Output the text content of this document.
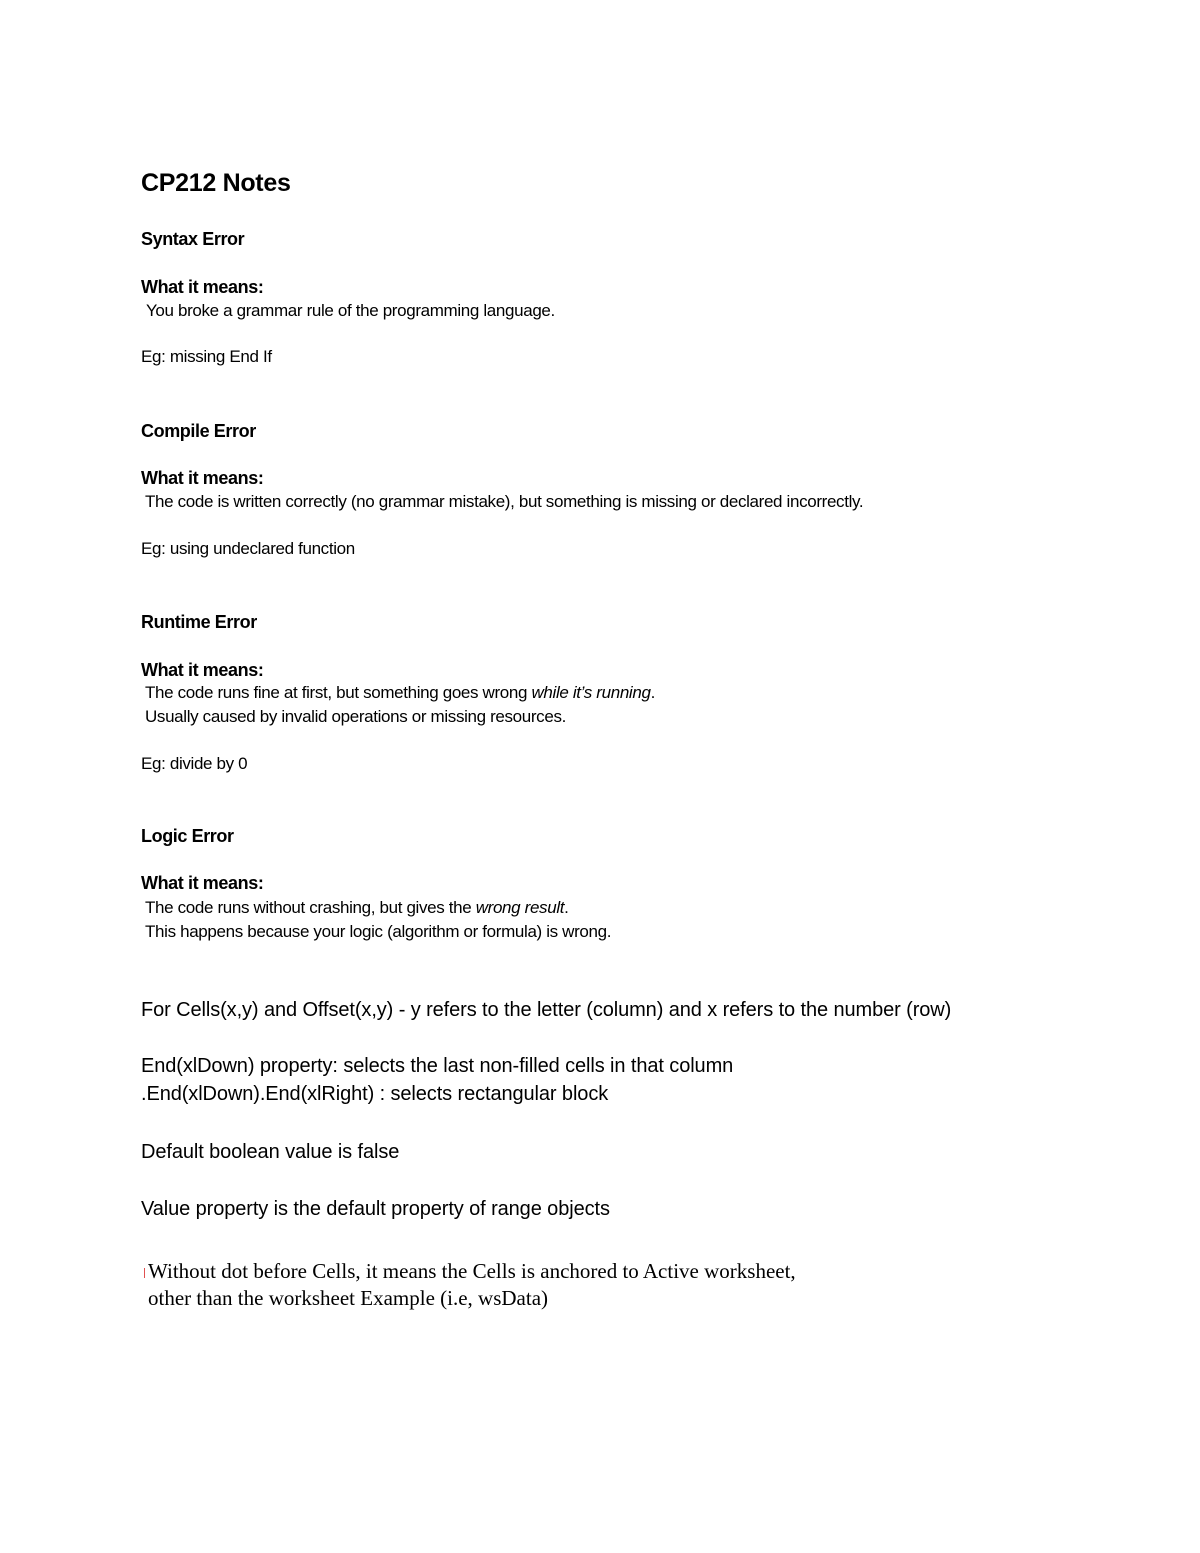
CP212 Notes
Syntax Error
What it means:
You broke a grammar rule of the programming language.
Eg: missing End If
Compile Error
What it means:
The code is written correctly (no grammar mistake), but something is missing or declared incorrectly.
Eg: using undeclared function
Runtime Error
What it means:
The code runs fine at first, but something goes wrong while it’s running.
Usually caused by invalid operations or missing resources.
Eg: divide by 0
Logic Error
What it means:
The code runs without crashing, but gives the wrong result.
This happens because your logic (algorithm or formula) is wrong.
For Cells(x,y) and Offset(x,y) - y refers to the letter (column) and x refers to the number (row)
End(xlDown) property: selects the last non-filled cells in that column
.End(xlDown).End(xlRight) : selects rectangular block
Default boolean value is false
Value property is the default property of range objects
Without dot before Cells, it means the Cells is anchored to Active worksheet,
other than the worksheet Example (i.e, wsData)
